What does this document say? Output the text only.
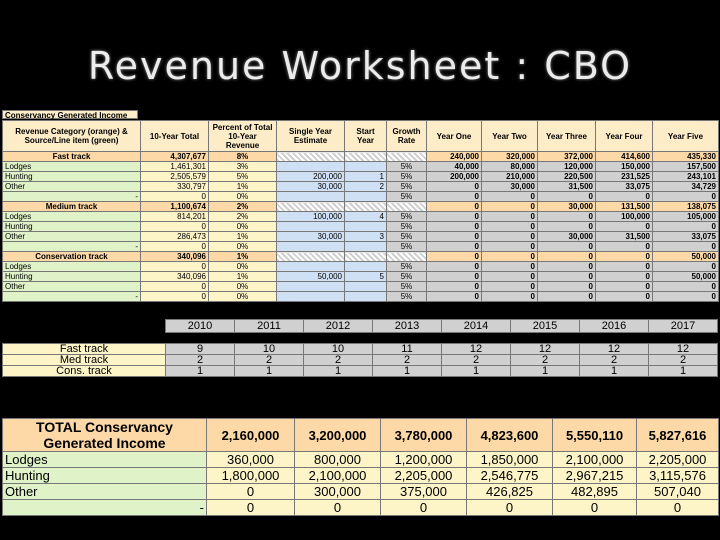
Revenue Worksheet : CBO
Conservancy Generated Income
Revenue Category (orange) & Source/Line item (green)	10-Year Total	Percent of Total 10-Year Revenue	Single Year Estimate	Start Year	Growth Rate	Year One	Year Two	Year Three	Year Four	Year Five
Fast track	4,307,677	8%				240,000	320,000	372,000	414,600	435,330
Lodges	1,461,301	3%			5%	40,000	80,000	120,000	150,000	157,500
Hunting	2,505,579	5%	200,000	1	5%	200,000	210,000	220,500	231,525	243,101
Other	330,797	1%	30,000	2	5%	0	30,000	31,500	33,075	34,729
-	0	0%			5%	0	0	0	0	0
Medium track	1,100,674	2%				0	0	30,000	131,500	138,075
Lodges	814,201	2%	100,000	4	5%	0	0	0	100,000	105,000
Hunting	0	0%			5%	0	0	0	0	0
Other	286,473	1%	30,000	3	5%	0	0	30,000	31,500	33,075
-	0	0%			5%	0	0	0	0	0
Conservation track	340,096	1%				0	0	0	0	50,000
Lodges	0	0%			5%	0	0	0	0	0
Hunting	340,096	1%	50,000	5	5%	0	0	0	0	50,000
Other	0	0%			5%	0	0	0	0	0
-	0	0%			5%	0	0	0	0	0
2010	2011	2012	2013	2014	2015	2016	2017
Fast track	9	10	10	11	12	12	12	12
Med track	2	2	2	2	2	2	2	2
Cons. track	1	1	1	1	1	1	1	1
TOTAL Conservancy Generated Income	2,160,000	3,200,000	3,780,000	4,823,600	5,550,110	5,827,616
Lodges	360,000	800,000	1,200,000	1,850,000	2,100,000	2,205,000
Hunting	1,800,000	2,100,000	2,205,000	2,546,775	2,967,215	3,115,576
Other	0	300,000	375,000	426,825	482,895	507,040
-	0	0	0	0	0	0
